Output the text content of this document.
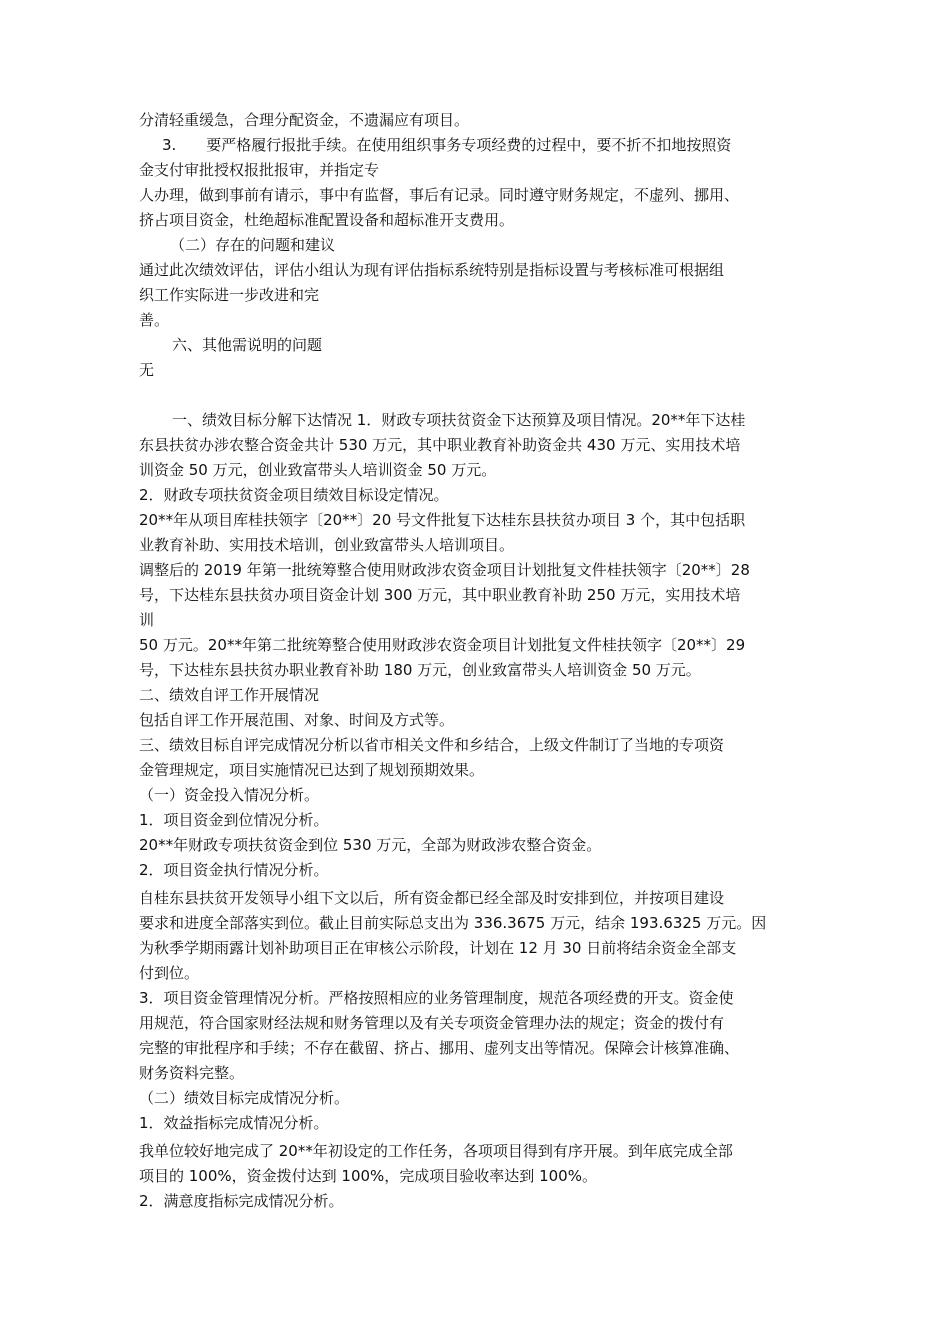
分清轻重缓急，合理分配资金，不遗漏应有项目。
3.　　要严格履行报批手续。在使用组织事务专项经费的过程中，要不折不扣地按照资
金支付审批授权报批报审，并指定专
人办理，做到事前有请示，事中有监督，事后有记录。同时遵守财务规定，不虚列、挪用、
挤占项目资金，杜绝超标准配置设备和超标准开支费用。
（二）存在的问题和建议
通过此次绩效评估，评估小组认为现有评估指标系统特别是指标设置与考核标准可根据组
织工作实际进一步改进和完
善。
六、其他需说明的问题
无
一、绩效目标分解下达情况 1．财政专项扶贫资金下达预算及项目情况。20**年下达桂
东县扶贫办涉农整合资金共计 530 万元，其中职业教育补助资金共 430 万元、实用技术培
训资金 50 万元，创业致富带头人培训资金 50 万元。
2．财政专项扶贫资金项目绩效目标设定情况。
20**年从项目库桂扶领字〔20**〕20 号文件批复下达桂东县扶贫办项目 3 个，其中包括职
业教育补助、实用技术培训，创业致富带头人培训项目。
调整后的 2019 年第一批统筹整合使用财政涉农资金项目计划批复文件桂扶领字〔20**〕28
号，下达桂东县扶贫办项目资金计划 300 万元，其中职业教育补助 250 万元，实用技术培
训
50 万元。20**年第二批统筹整合使用财政涉农资金项目计划批复文件桂扶领字〔20**〕29
号，下达桂东县扶贫办职业教育补助 180 万元，创业致富带头人培训资金 50 万元。
二、绩效自评工作开展情况
包括自评工作开展范围、对象、时间及方式等。
三、绩效目标自评完成情况分析以省市相关文件和乡结合，上级文件制订了当地的专项资
金管理规定，项目实施情况已达到了规划预期效果。
（一）资金投入情况分析。
1．项目资金到位情况分析。
20**年财政专项扶贫资金到位 530 万元，全部为财政涉农整合资金。
2．项目资金执行情况分析。
自桂东县扶贫开发领导小组下文以后，所有资金都已经全部及时安排到位，并按项目建设
要求和进度全部落实到位。截止目前实际总支出为 336.3675 万元，结余 193.6325 万元。因
为秋季学期雨露计划补助项目正在审核公示阶段，计划在 12 月 30 日前将结余资金全部支
付到位。
3．项目资金管理情况分析。严格按照相应的业务管理制度，规范各项经费的开支。资金使
用规范，符合国家财经法规和财务管理以及有关专项资金管理办法的规定；资金的拨付有
完整的审批程序和手续；不存在截留、挤占、挪用、虚列支出等情况。保障会计核算准确、
财务资料完整。
（二）绩效目标完成情况分析。
1．效益指标完成情况分析。
我单位较好地完成了 20**年初设定的工作任务，各项项目得到有序开展。到年底完成全部
项目的 100%，资金拨付达到 100%，完成项目验收率达到 100%。
2．满意度指标完成情况分析。
